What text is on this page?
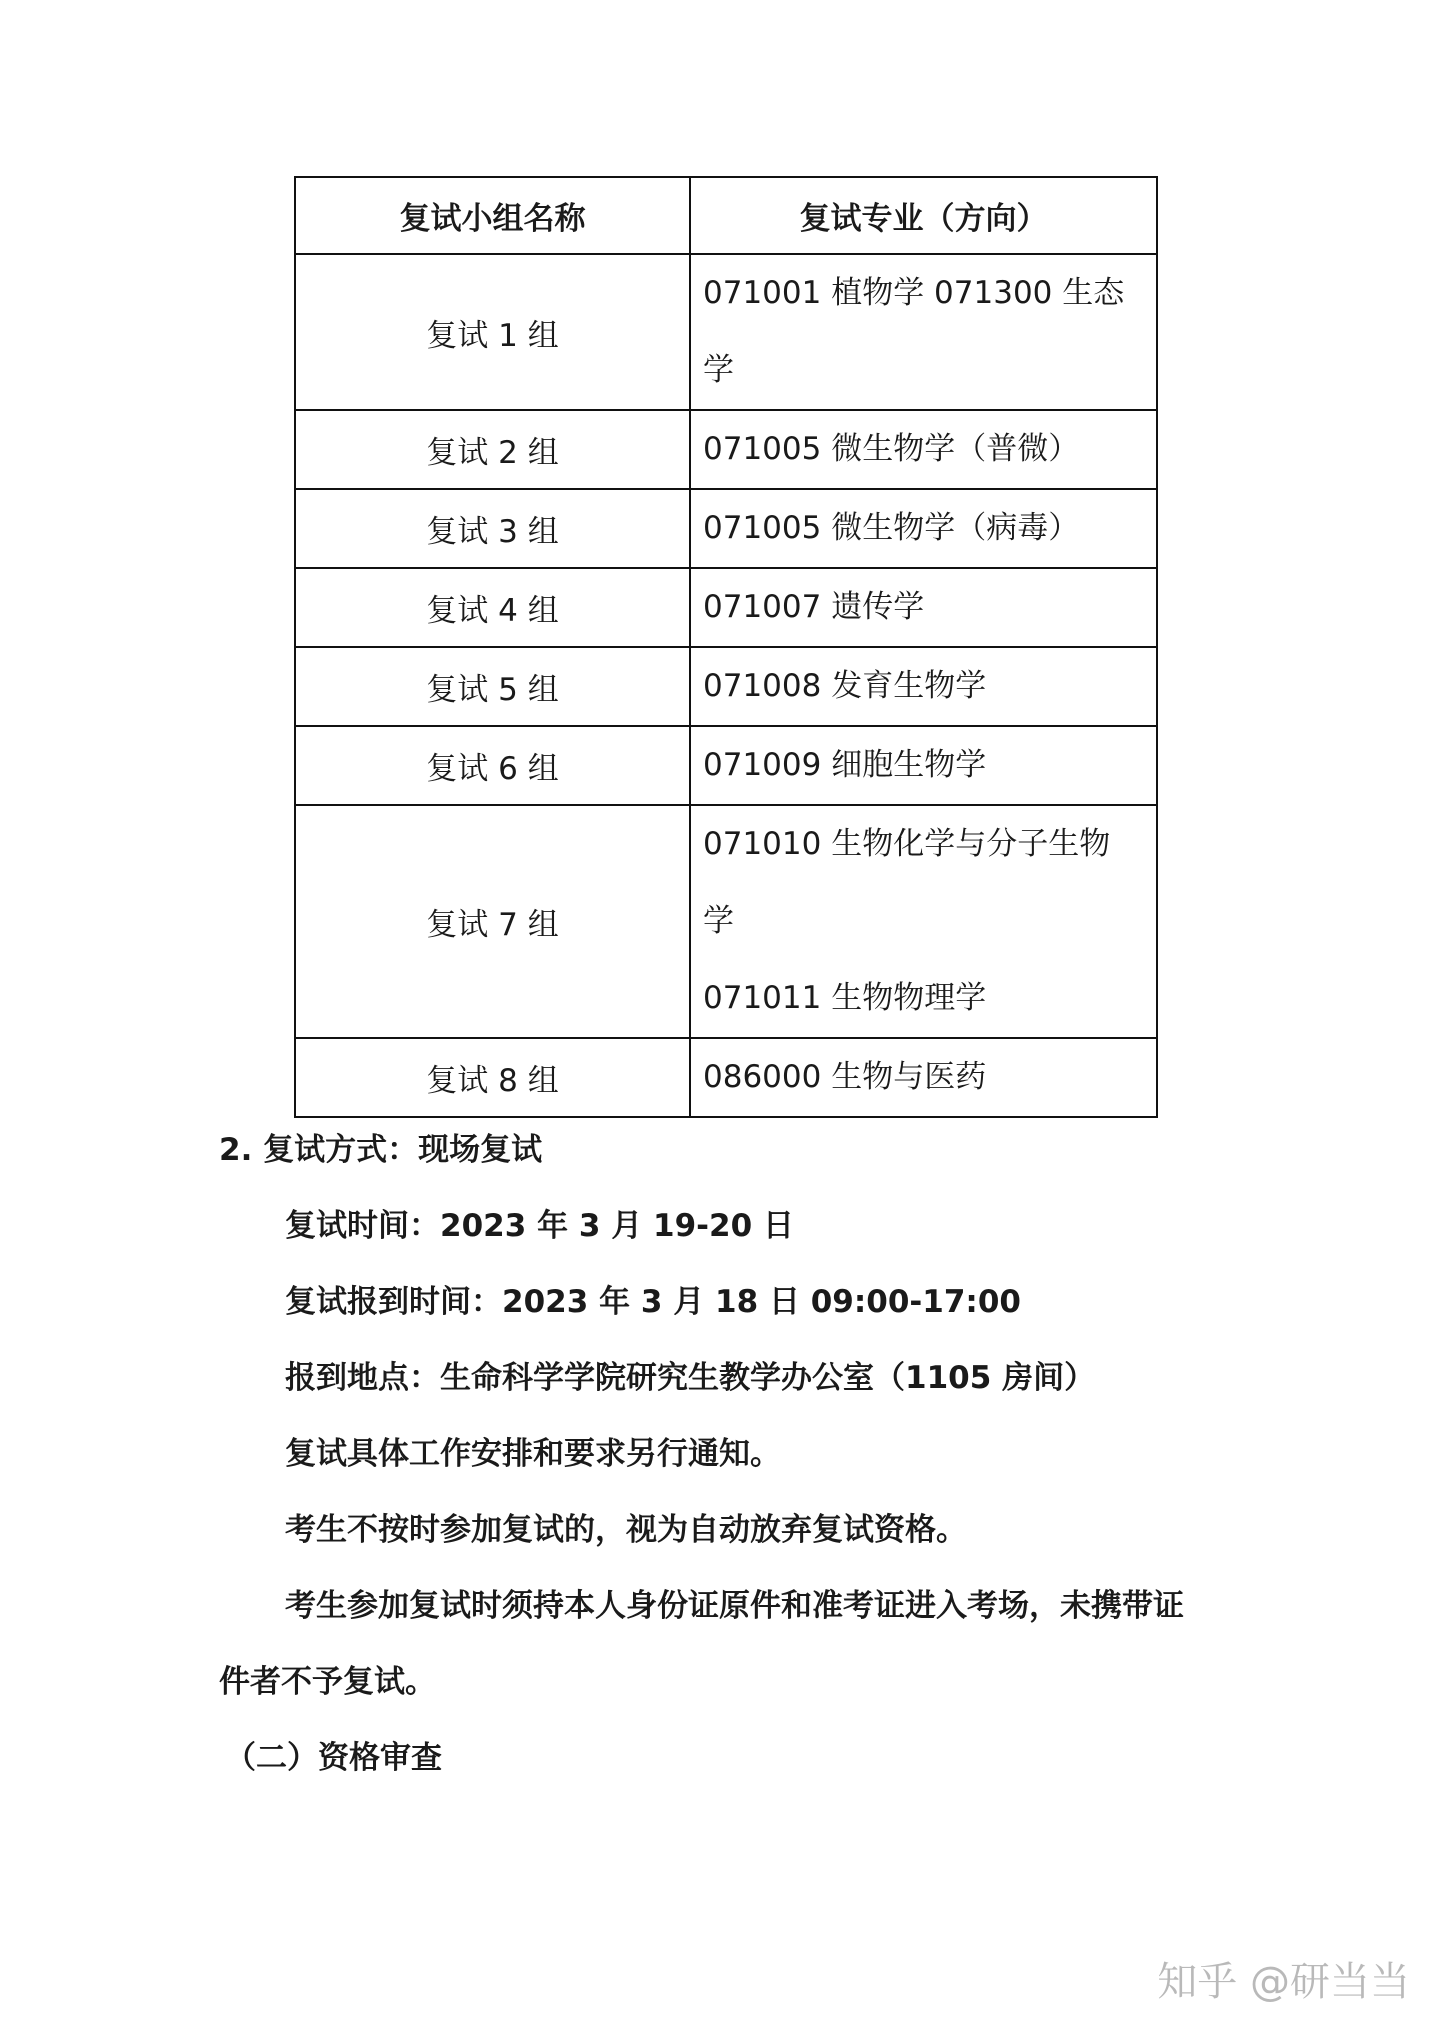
复试小组名称	复试专业（方向）
复试 1 组	071001 植物学 071300 生态
学

复试 2 组	071005 微生物学（普微）

复试 3 组	071005 微生物学（病毒）

复试 4 组	071007 遗传学

复试 5 组	071008 发育生物学

复试 6 组	071009 细胞生物学

复试 7 组	071010 生物化学与分子生物
学
071011 生物物理学

复试 8 组	086000 生物与医药
2. 复试方式：现场复试
复试时间：2023 年 3 月 19-20 日
复试报到时间：2023 年 3 月 18 日 09:00-17:00
报到地点：生命科学学院研究生教学办公室（1105 房间）
复试具体工作安排和要求另行通知。
考生不按时参加复试的，视为自动放弃复试资格。
考生参加复试时须持本人身份证原件和准考证进入考场，未携带证
件者不予复试。
（二）资格审查
知乎 @研当当
